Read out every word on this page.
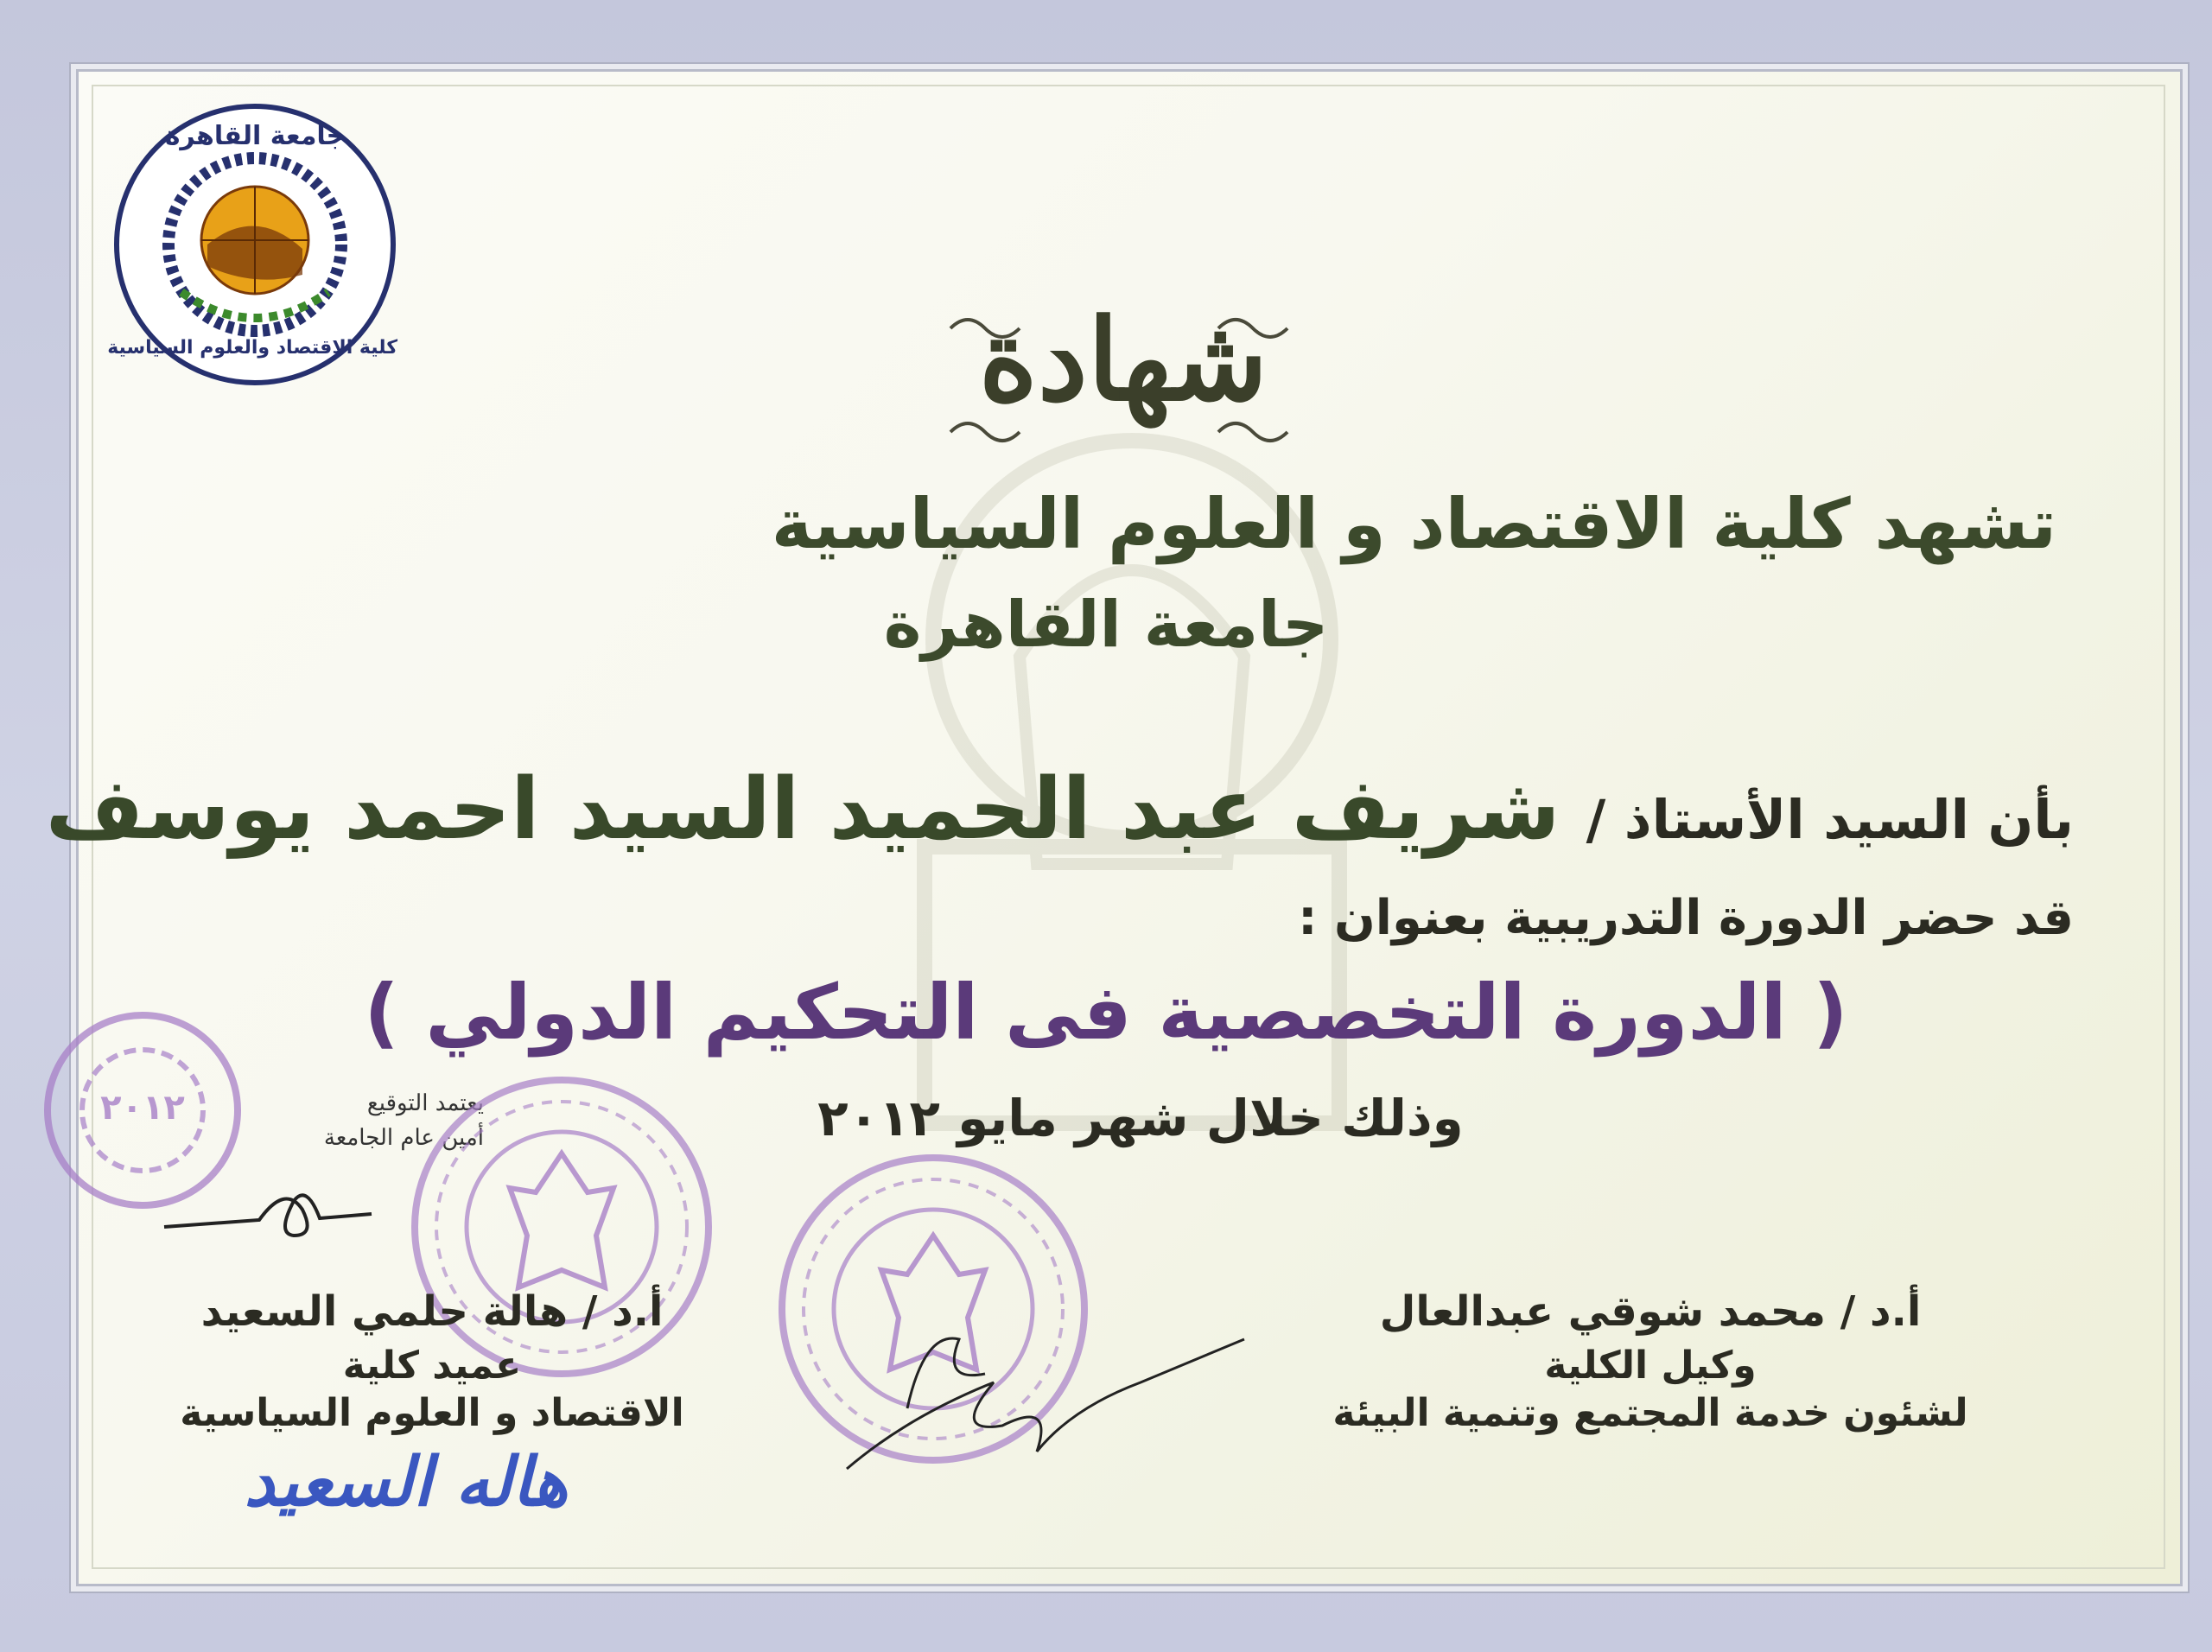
جامعة القاهرة
كلية الاقتصاد والعلوم السياسية	شهادة
تشهد كلية الاقتصاد و العلوم السياسية
جامعة القاهرة
بأن السيد الأستاذ /
شريف عبد الحميد السيد احمد يوسف
قد حضر الدورة التدريبية بعنوان :
( الدورة التخصصية فى التحكيم الدولي )
وذلك خلال شهر مايو ٢٠١٢
٢٠١٢	يعتمد التوقيع
أمين عام الجامعة
أ.د / هالة حلمي السعيد
عميد كلية
الاقتصاد و العلوم السياسية
هاله السعيد
أ.د / محمد شوقي عبدالعال
وكيل الكلية
لشئون خدمة المجتمع وتنمية البيئة
